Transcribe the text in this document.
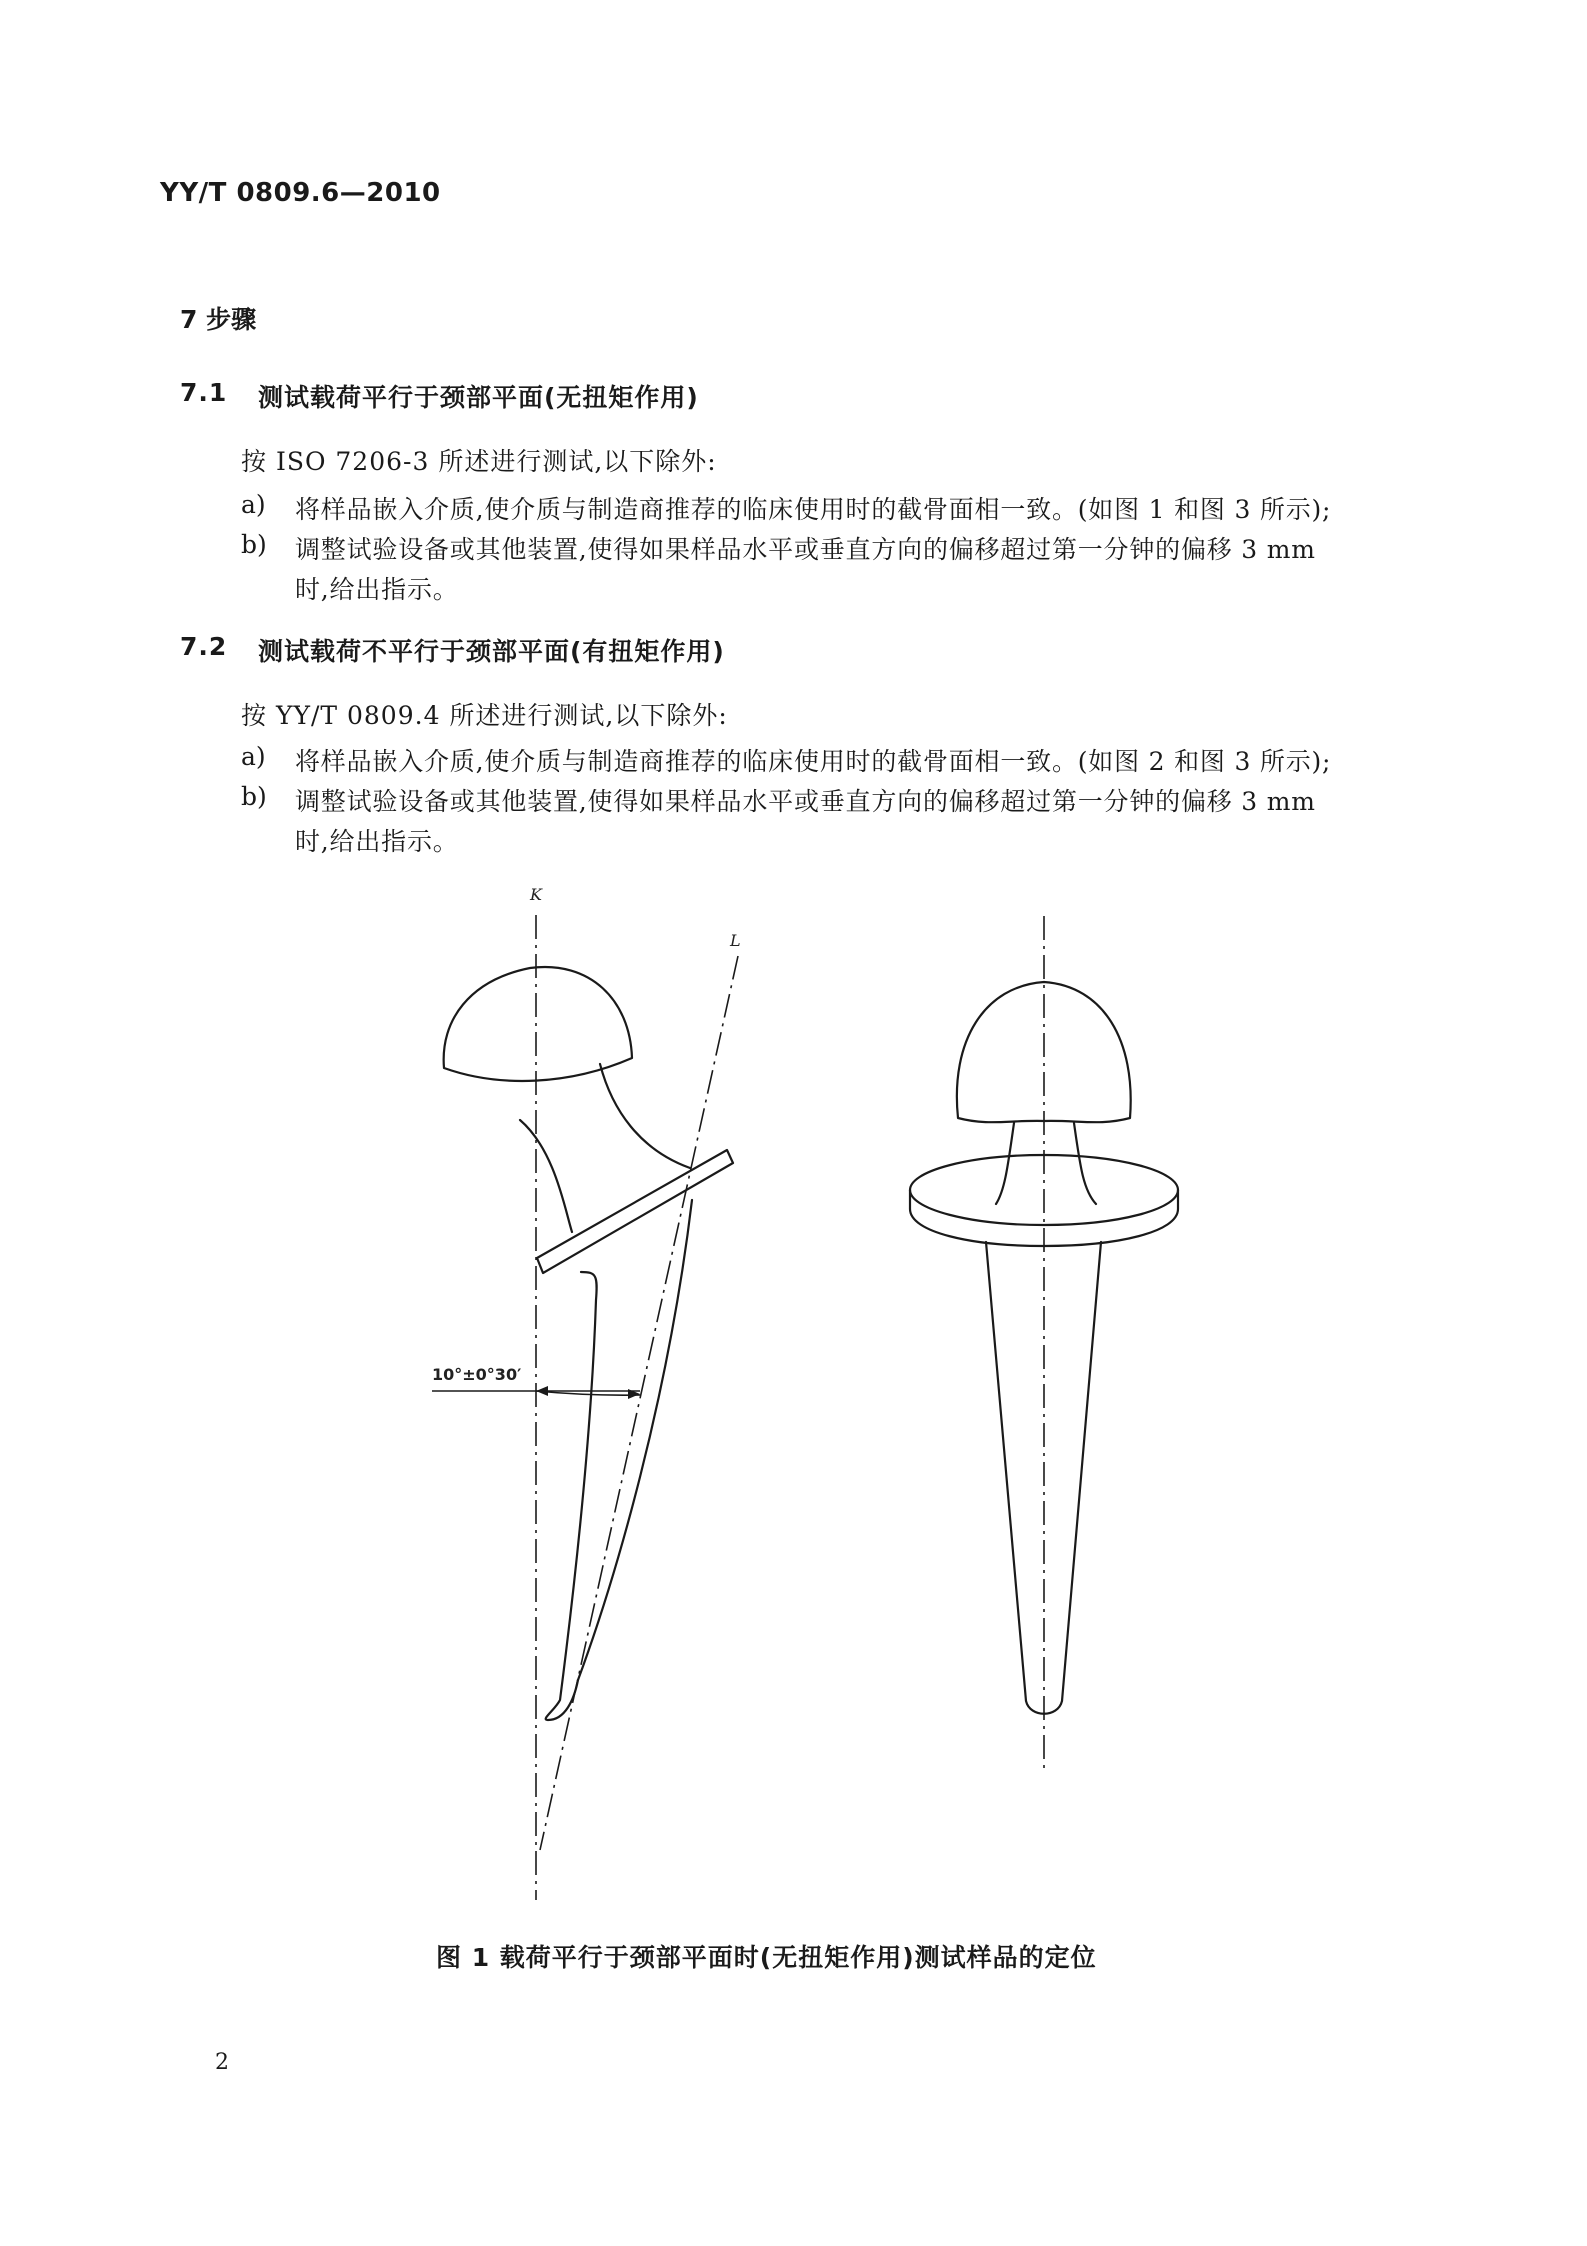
YY/T 0809.6—2010
7 步骤
7.1 测试载荷平行于颈部平面(无扭矩作用)
按 ISO 7206-3 所述进行测试,以下除外:
a) 将样品嵌入介质,使介质与制造商推荐的临床使用时的截骨面相一致。(如图 1 和图 3 所示);
b) 调整试验设备或其他装置,使得如果样品水平或垂直方向的偏移超过第一分钟的偏移 3 mm
时,给出指示。
7.2 测试载荷不平行于颈部平面(有扭矩作用)
按 YY/T 0809.4 所述进行测试,以下除外:
a) 将样品嵌入介质,使介质与制造商推荐的临床使用时的截骨面相一致。(如图 2 和图 3 所示);
b) 调整试验设备或其他装置,使得如果样品水平或垂直方向的偏移超过第一分钟的偏移 3 mm
时,给出指示。
K
L
10°±0°30′
图 1 载荷平行于颈部平面时(无扭矩作用)测试样品的定位
2
